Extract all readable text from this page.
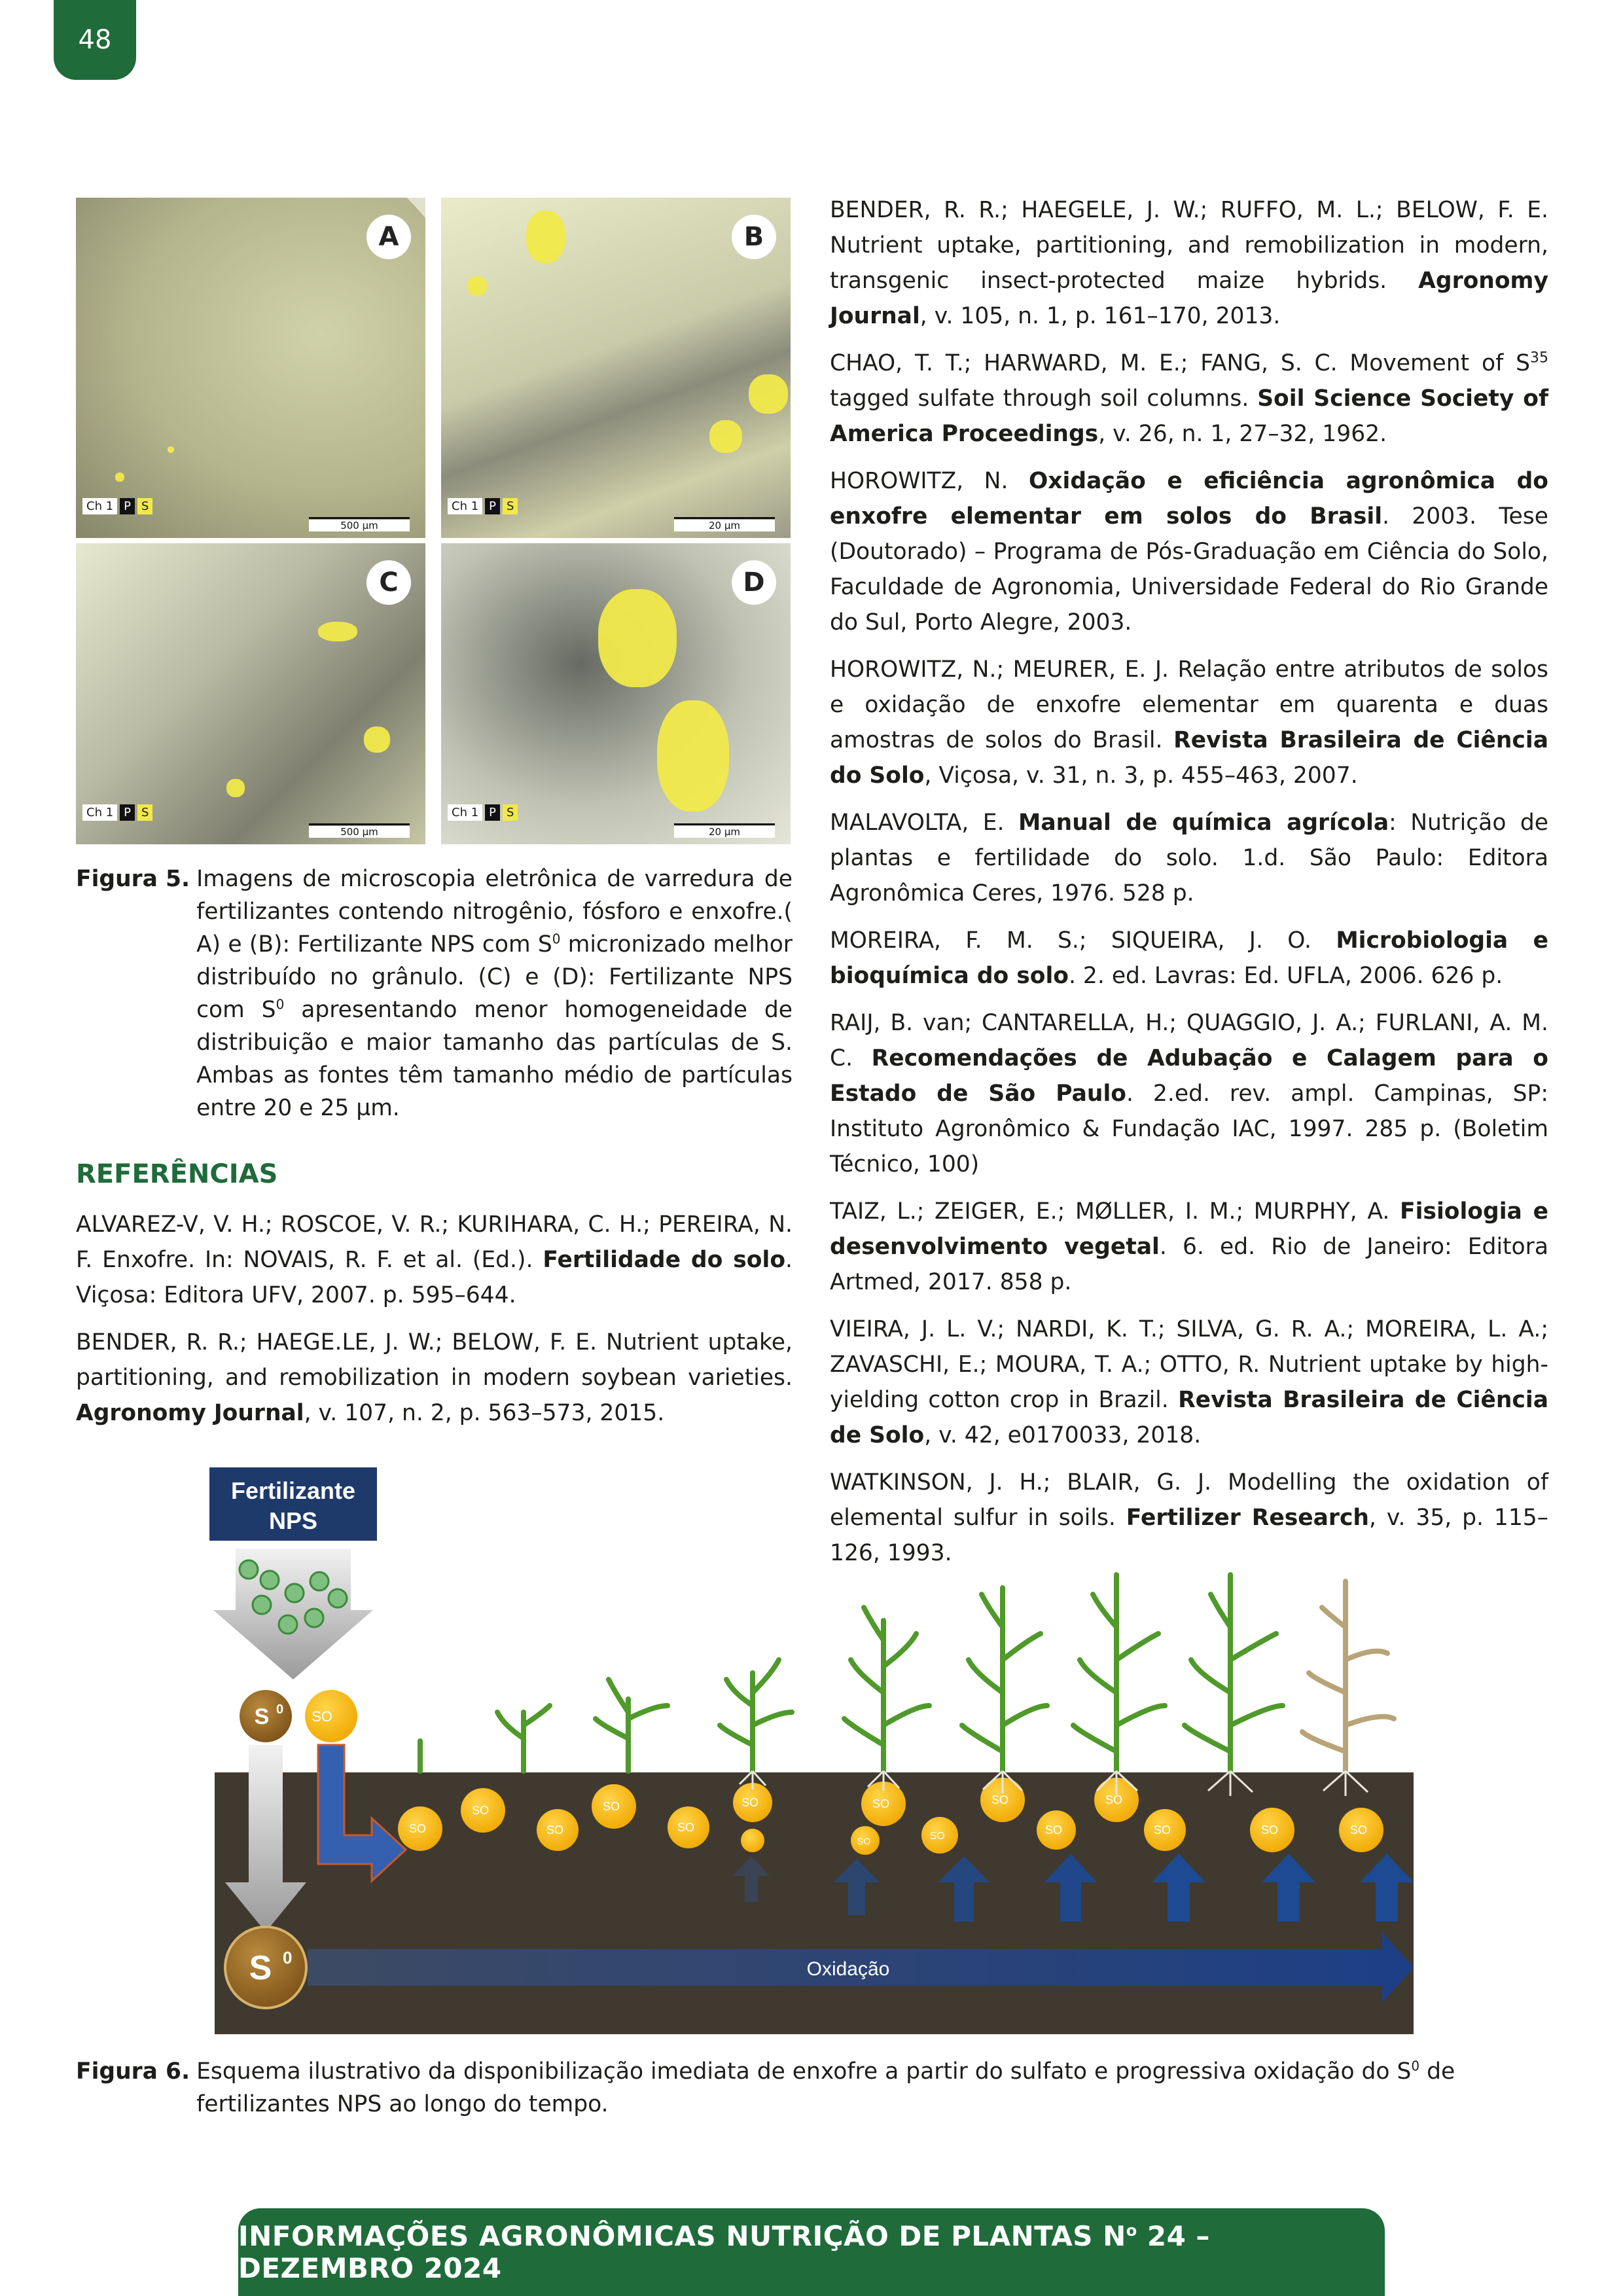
48
A
Ch 1 P S
500 µm
B
Ch 1 P S
20 µm
C
Ch 1 P S
500 µm
D
Ch 1 P S
20 µm
Figura 5. Imagens de microscopia eletrônica de varredura de fertilizantes contendo nitrogênio, fósforo e enxofre.( A) e (B): Fertilizante NPS com $S^0$ micronizado melhor distribuído no grânulo. (C) e (D): Fertilizante NPS com $S^0$ apresentando menor homogeneidade de distribuição e maior tamanho das partículas de S. Ambas as fontes têm tamanho médio de partículas entre 20 e 25 µm.
REFERÊNCIAS

ALVAREZ-V, V. H.; ROSCOE, V. R.; KURIHARA, C. H.; PEREIRA, N. F. Enxofre. In: NOVAIS, R. F. et al. (Ed.). Fertilidade do solo. Viçosa: Editora UFV, 2007. p. 595–644.

BENDER, R. R.; HAEGE.LE, J. W.; BELOW, F. E. Nutrient uptake, partitioning, and remobilization in modern soybean varieties. Agronomy Journal, v. 107, n. 2, p. 563–573, 2015.

BENDER, R. R.; HAEGELE, J. W.; RUFFO, M. L.; BELOW, F. E. Nutrient uptake, partitioning, and remobilization in modern, transgenic insect-protected maize hybrids. Agronomy Journal, v. 105, n. 1, p. 161–170, 2013.

CHAO, T. T.; HARWARD, M. E.; FANG, S. C. Movement of $S^{35}$ tagged sulfate through soil columns. Soil Science Society of America Proceedings, v. 26, n. 1, 27–32, 1962.

HOROWITZ, N. Oxidação e eficiência agronômica do enxofre elementar em solos do Brasil. 2003. Tese (Doutorado) – Programa de Pós-Graduação em Ciência do Solo, Faculdade de Agronomia, Universidade Federal do Rio Grande do Sul, Porto Alegre, 2003.

HOROWITZ, N.; MEURER, E. J. Relação entre atributos de solos e oxidação de enxofre elementar em quarenta e duas amostras de solos do Brasil. Revista Brasileira de Ciência do Solo, Viçosa, v. 31, n. 3, p. 455–463, 2007.

MALAVOLTA, E. Manual de química agrícola: Nutrição de plantas e fertilidade do solo. 1.d. São Paulo: Editora Agronômica Ceres, 1976. 528 p.

MOREIRA, F. M. S.; SIQUEIRA, J. O. Microbiologia e bioquímica do solo. 2. ed. Lavras: Ed. UFLA, 2006. 626 p.

RAIJ, B. van; CANTARELLA, H.; QUAGGIO, J. A.; FURLANI, A. M. C. Recomendações de Adubação e Calagem para o Estado de São Paulo. 2.ed. rev. ampl. Campinas, SP: Instituto Agronômico & Fundação IAC, 1997. 285 p. (Boletim Técnico, 100)

TAIZ, L.; ZEIGER, E.; MØLLER, I. M.; MURPHY, A. Fisiologia e desenvolvimento vegetal. 6. ed. Rio de Janeiro: Editora Artmed, 2017. 858 p.

VIEIRA, J. L. V.; NARDI, K. T.; SILVA, G. R. A.; MOREIRA, L. A.; ZAVASCHI, E.; MOURA, T. A.; OTTO, R. Nutrient uptake by high-yielding cotton crop in Brazil. Revista Brasileira de Ciência de Solo, v. 42, e0170033, 2018.

WATKINSON, J. H.; BLAIR, G. J. Modelling the oxidation of elemental sulfur in soils. Fertilizer Research, v. 35, p. 115–126, 1993.

Fertilizante
NPS
S 0 SO
Oxidação
S 0
SO
SO
SO
SO
SO
SO
SO
SO
SO
SO
SO
SO
SO	SO	SO
Figura 6. Esquema ilustrativo da disponibilização imediata de enxofre a partir do sulfato e progressiva oxidação do $S^0$ de fertilizantes NPS ao longo do tempo.
INFORMAÇÕES AGRONÔMICAS NUTRIÇÃO DE PLANTAS $N^o$ 24 – DEZEMBRO 2024
